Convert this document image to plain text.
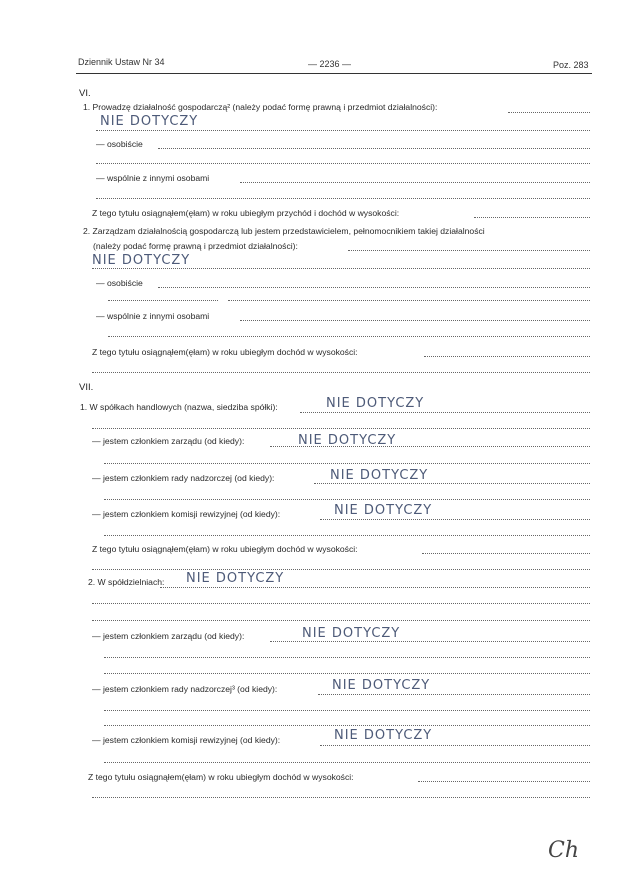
Dziennik Ustaw Nr 34	— 2236 —	Poz. 283
VI.
1. Prowadzę działalność gospodarczą² (należy podać formę prawną i przedmiot działalności):
NIE DOTYCZY
— osobiście
— wspólnie z innymi osobami
Z tego tytułu osiągnąłem(ęłam) w roku ubiegłym przychód i dochód w wysokości:
2. Zarządzam działalnością gospodarczą lub jestem przedstawicielem, pełnomocnikiem takiej działalności
(należy podać formę prawną i przedmiot działalności):
NIE DOTYCZY
— osobiście
— wspólnie z innymi osobami
Z tego tytułu osiągnąłem(ęłam) w roku ubiegłym dochód w wysokości:
VII.
1. W spółkach handlowych (nazwa, siedziba spółki):	NIE DOTYCZY
— jestem członkiem zarządu (od kiedy):	NIE DOTYCZY
— jestem członkiem rady nadzorczej (od kiedy):	NIE DOTYCZY
— jestem członkiem komisji rewizyjnej (od kiedy):	NIE DOTYCZY
Z tego tytułu osiągnąłem(ęłam) w roku ubiegłym dochód w wysokości:
2. W spółdzielniach: NIE DOTYCZY
— jestem członkiem zarządu (od kiedy):	NIE DOTYCZY
— jestem członkiem rady nadzorczej³ (od kiedy):	NIE DOTYCZY
— jestem członkiem komisji rewizyjnej (od kiedy):	NIE DOTYCZY
Z tego tytułu osiągnąłem(ęłam) w roku ubiegłym dochód w wysokości:
Ch
